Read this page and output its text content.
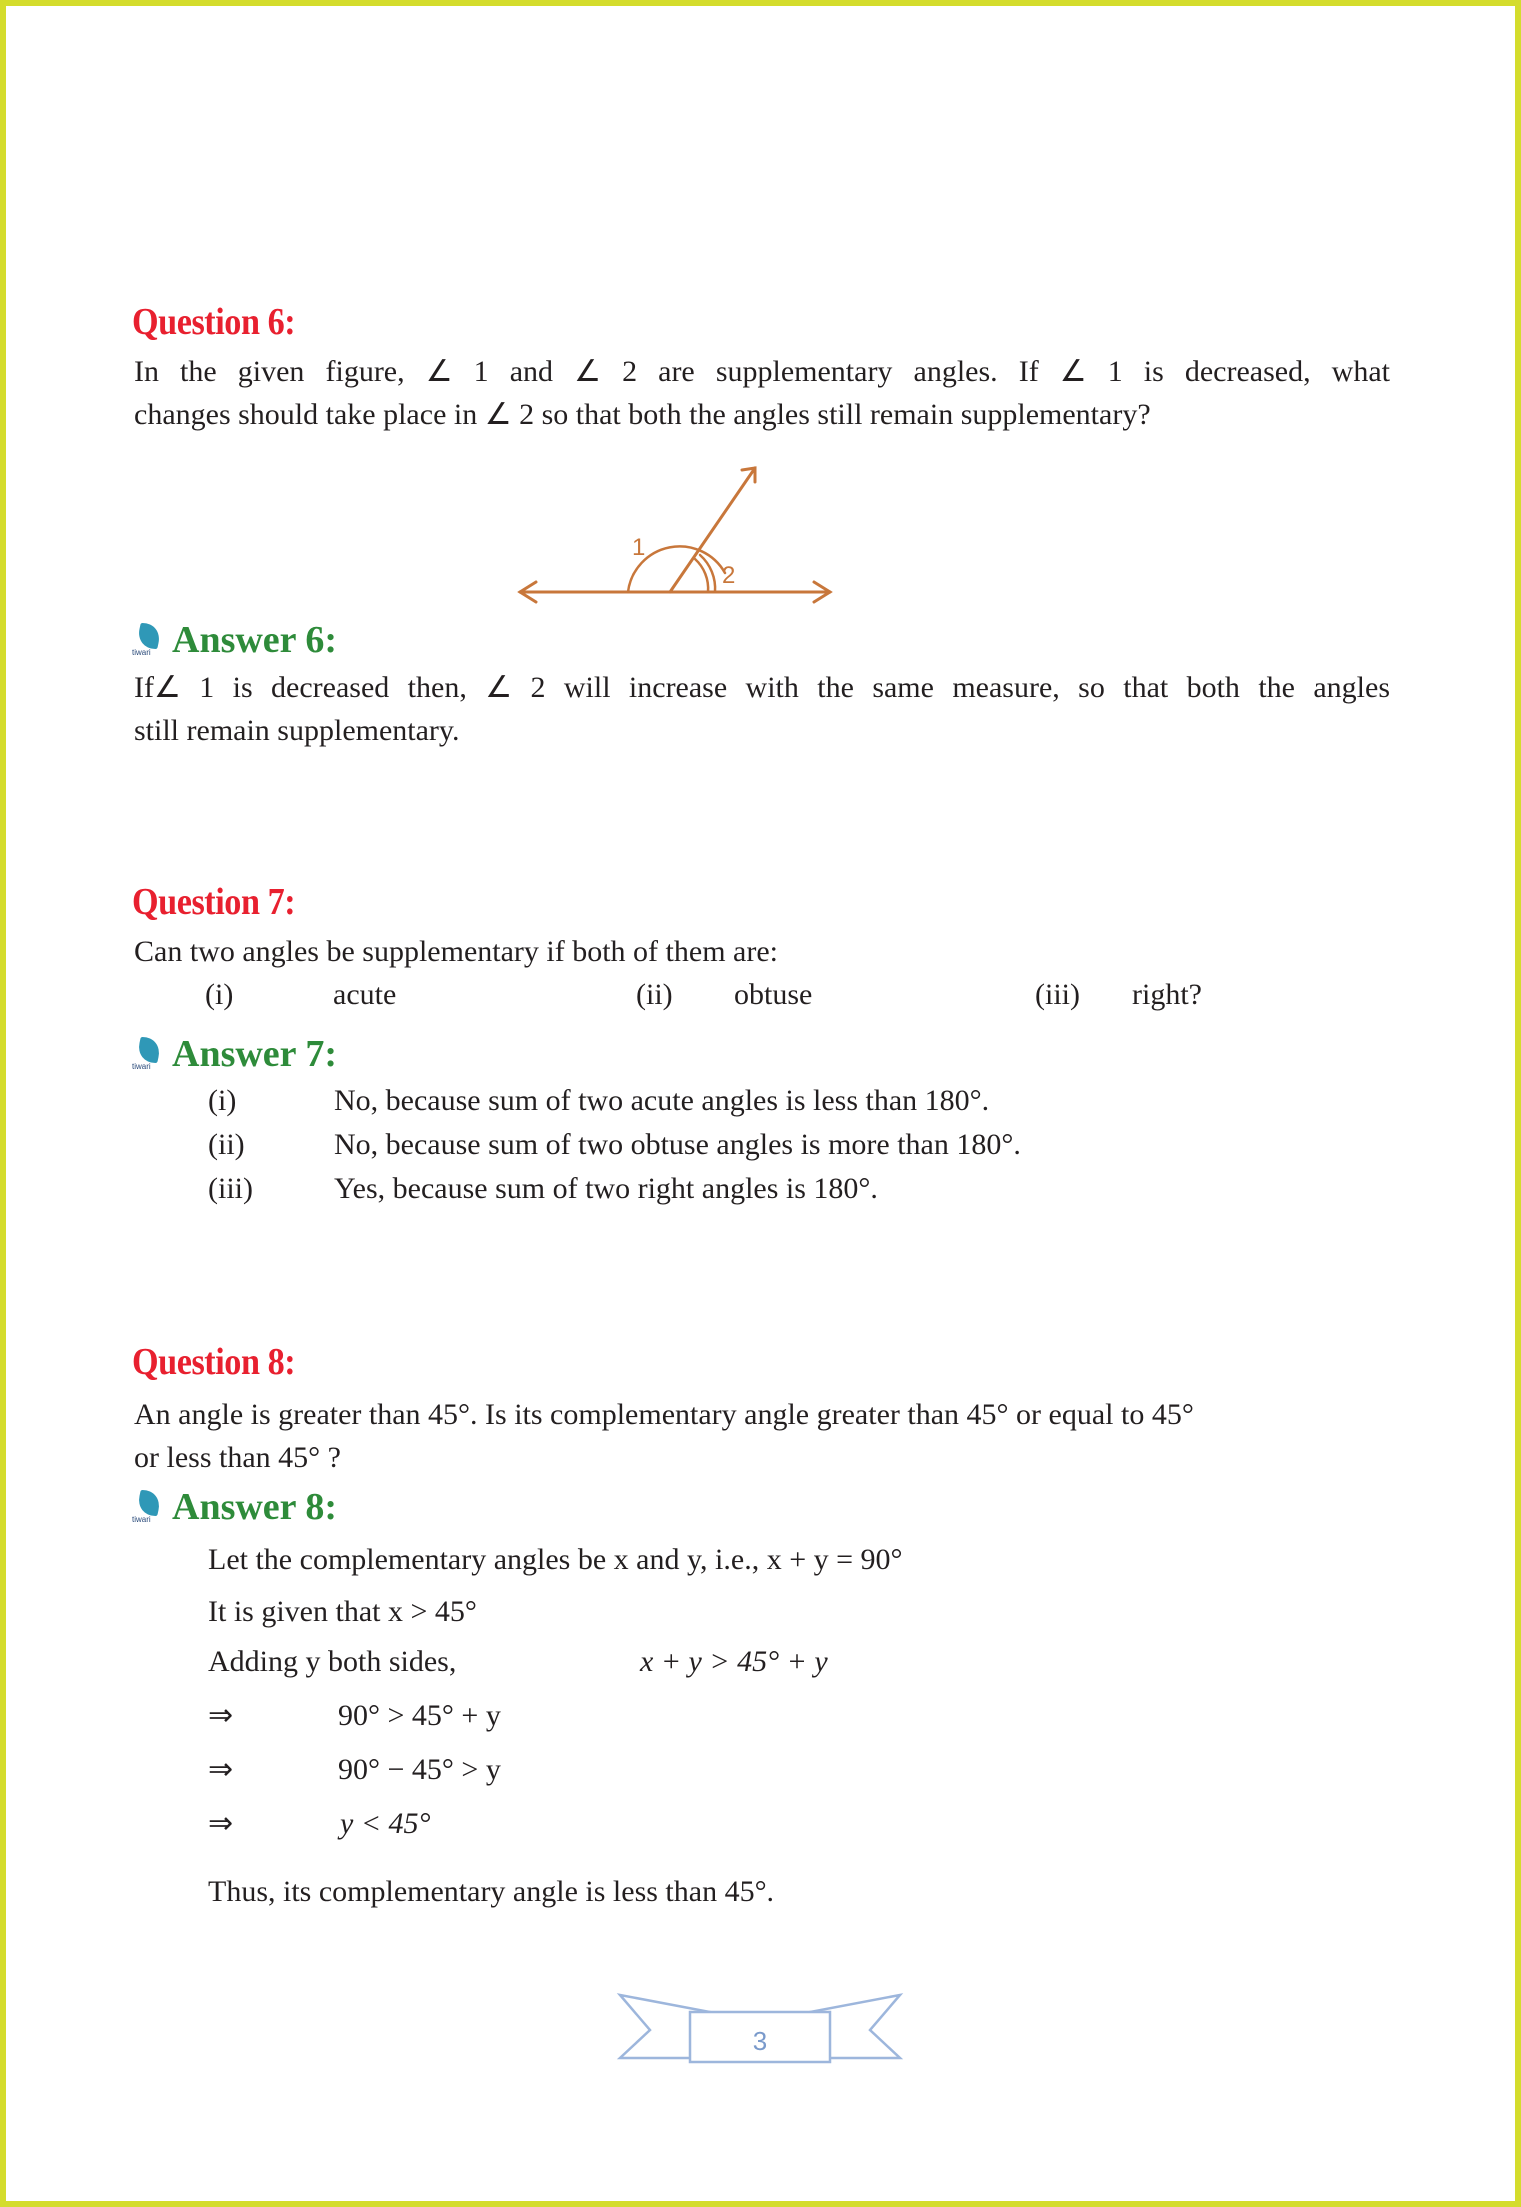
Question 6:
In the given figure, ∠ 1 and ∠ 2 are supplementary angles. If ∠ 1 is decreased, what
changes should take place in ∠ 2 so that both the angles still remain supplementary?
1
2
tiwari Answer 6:
If∠ 1 is decreased then, ∠ 2 will increase with the same measure, so that both the angles
still remain supplementary.
Question 7:
Can two angles be supplementary if both of them are:
(i)	acute	(ii) obtuse	(iii) right?
tiwari Answer 7:
(i)	No, because sum of two acute angles is less than 180°.
(ii)	No, because sum of two obtuse angles is more than 180°.
(iii)	Yes, because sum of two right angles is 180°.
Question 8:
An angle is greater than 45°. Is its complementary angle greater than 45° or equal to 45°
or less than 45° ?
tiwari Answer 8:
Let the complementary angles be x and y, i.e., x + y = 90°
It is given that x > 45°
Adding y both sides,	x + y > 45° + y
⇒	90° > 45° + y
⇒	90° − 45° > y
⇒	y < 45°
Thus, its complementary angle is less than 45°.
3
